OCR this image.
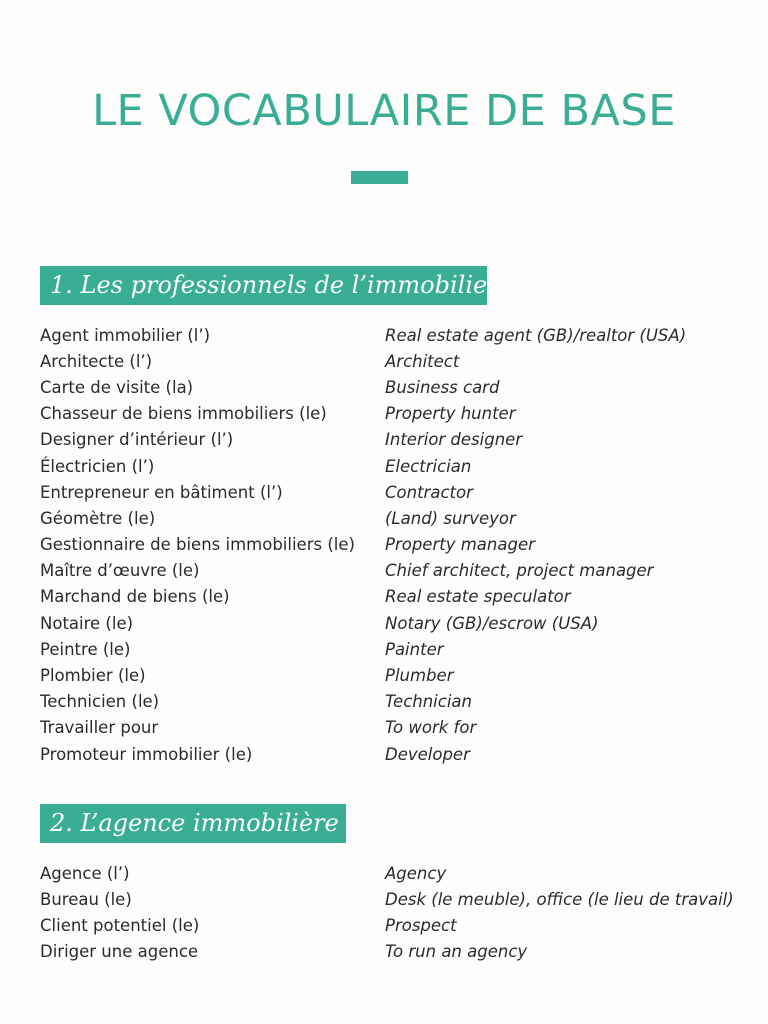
LE VOCABULAIRE DE BASE
1. Les professionnels de l’immobilier
Agent immobilier (l’)	Real estate agent (GB)/realtor (USA)
Architecte (l’)	Architect
Carte de visite (la)	Business card
Chasseur de biens immobiliers (le)	Property hunter
Designer d’intérieur (l’)	Interior designer
Électricien (l’)	Electrician
Entrepreneur en bâtiment (l’)	Contractor
Géomètre (le)	(Land) surveyor
Gestionnaire de biens immobiliers (le)	Property manager
Maître d’œuvre (le)	Chief architect, project manager
Marchand de biens (le)	Real estate speculator
Notaire (le)	Notary (GB)/escrow (USA)
Peintre (le)	Painter
Plombier (le)	Plumber
Technicien (le)	Technician
Travailler pour	To work for
Promoteur immobilier (le)	Developer
2. L’agence immobilière
Agence (l’)	Agency
Bureau (le)	Desk (le meuble), office (le lieu de travail)
Client potentiel (le)	Prospect
Diriger une agence	To run an agency
